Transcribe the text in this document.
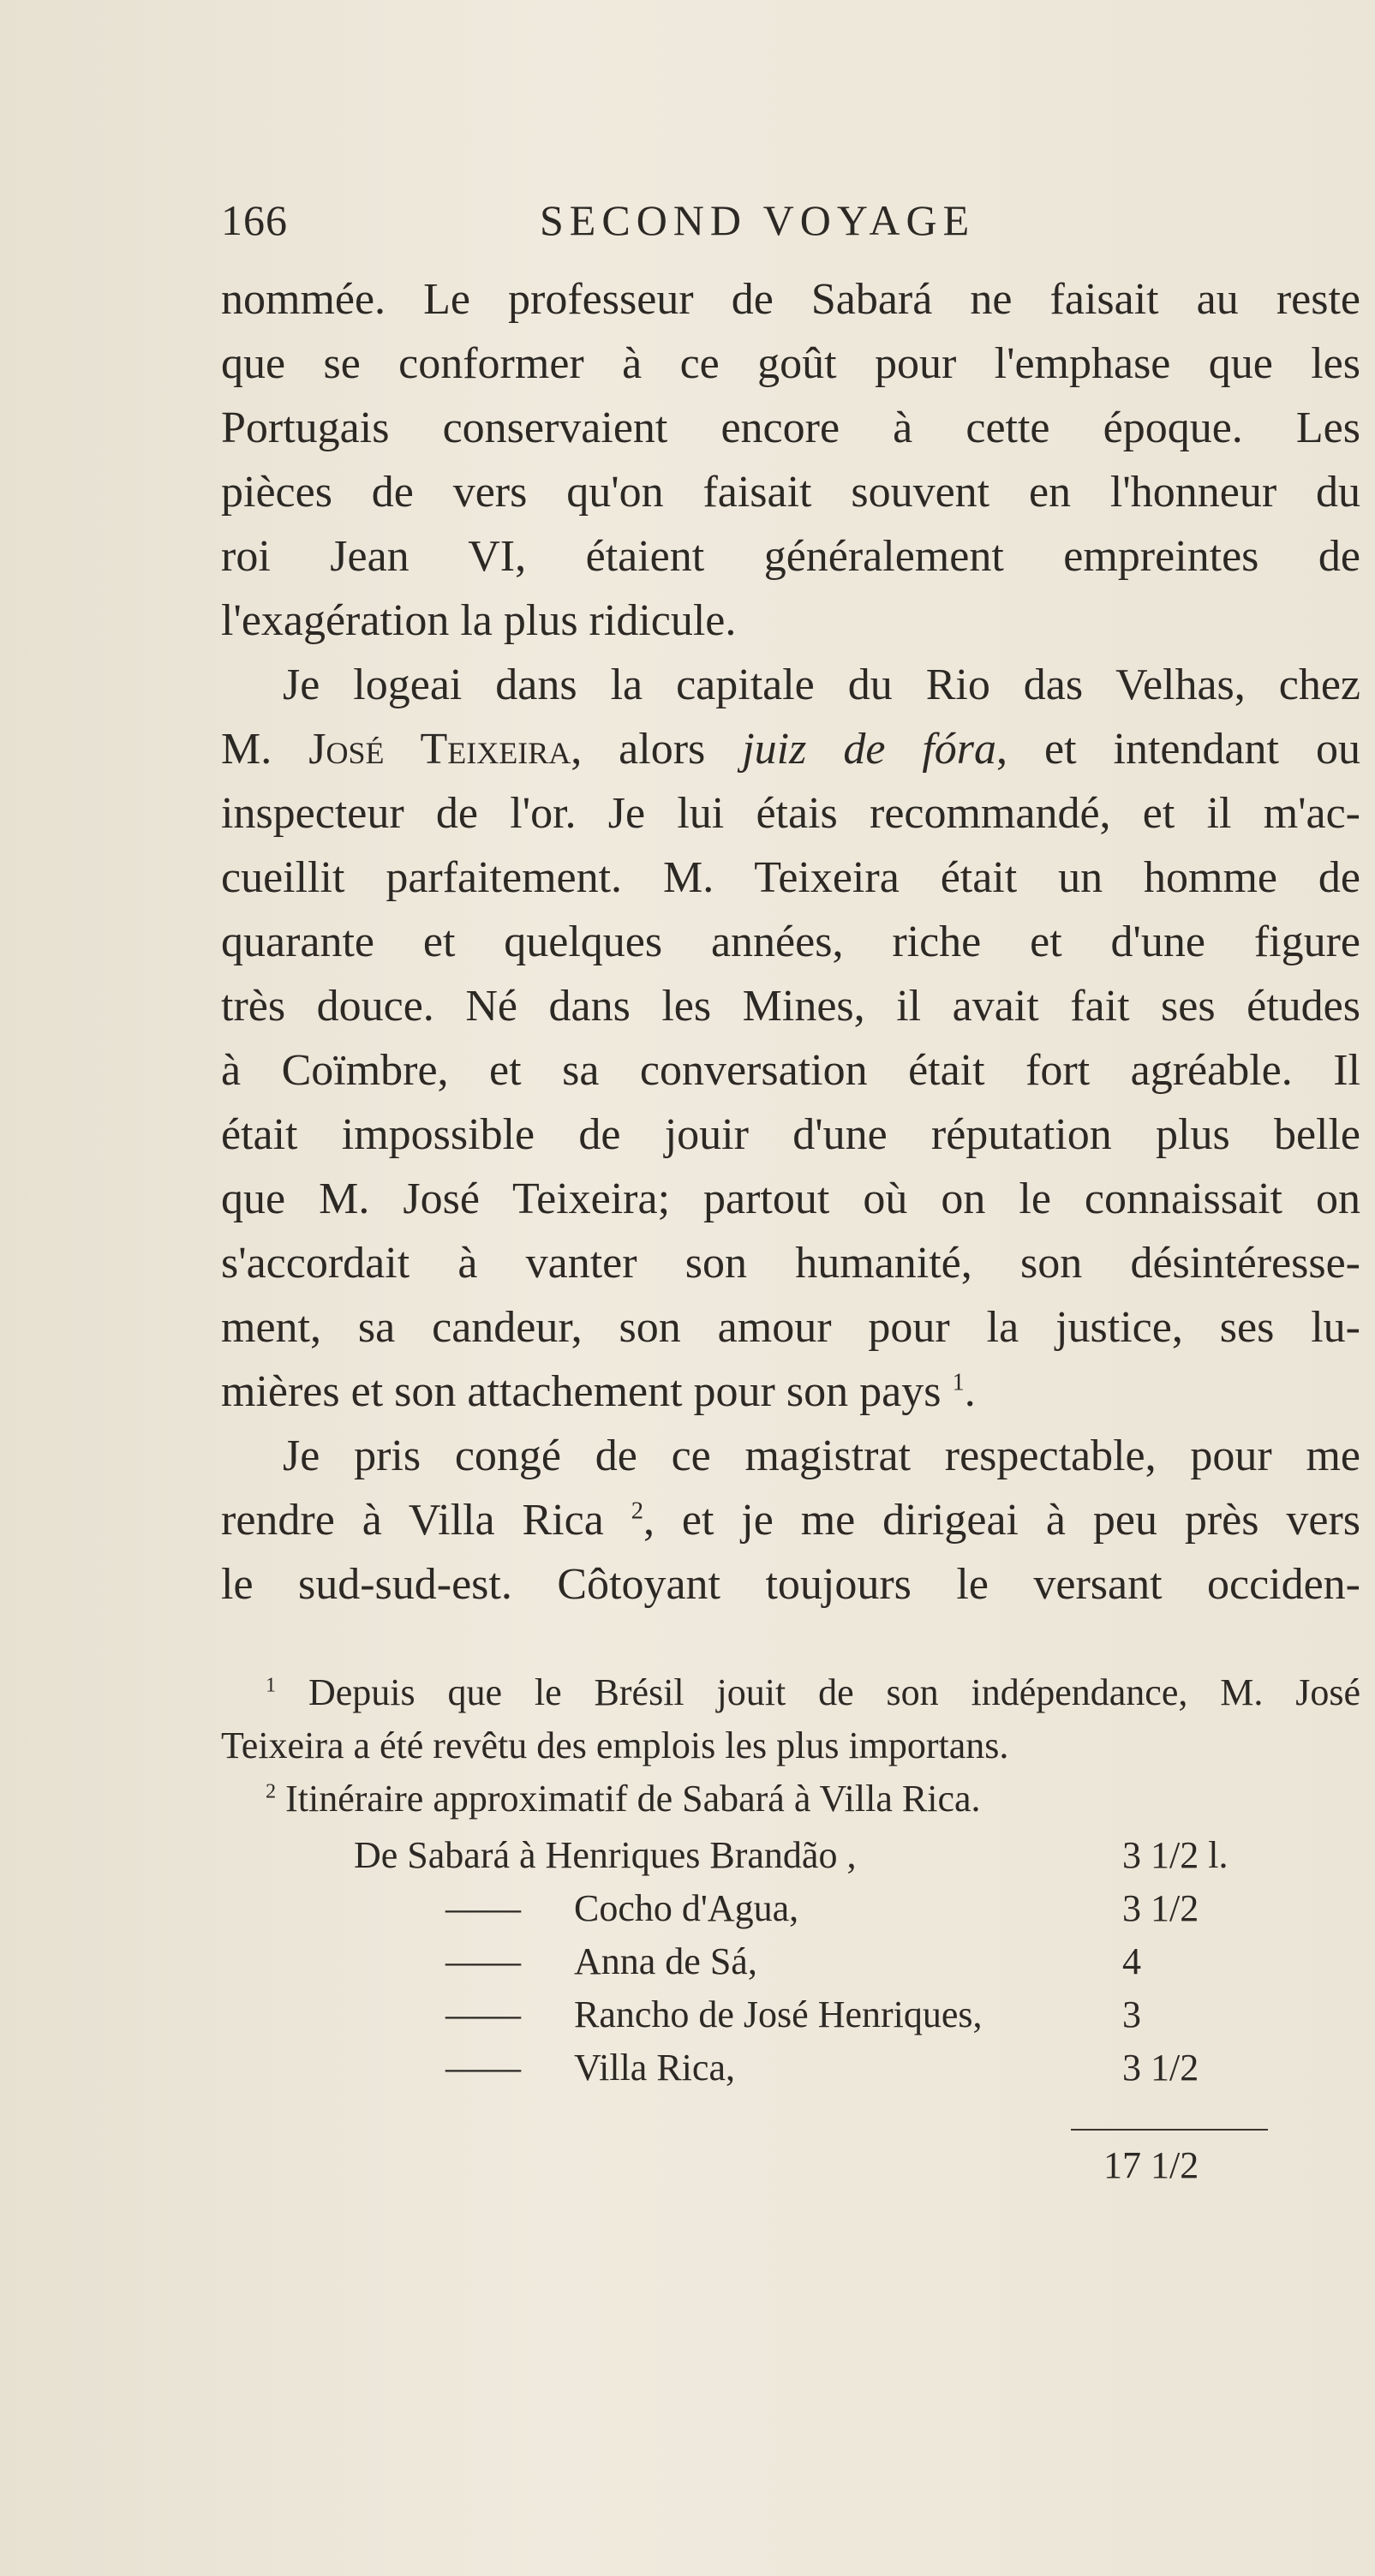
166	SECOND VOYAGE
nommée. Le professeur de Sabará ne faisait au reste
que se conformer à ce goût pour l'emphase que les
Portugais conservaient encore à cette époque. Les
pièces de vers qu'on faisait souvent en l'honneur du
roi Jean VI, étaient généralement empreintes de
l'exagération la plus ridicule.
Je logeai dans la capitale du Rio das Velhas, chez
M. José Teixeira, alors juiz de fóra, et intendant ou
inspecteur de l'or. Je lui étais recommandé, et il m'ac-
cueillit parfaitement. M. Teixeira était un homme de
quarante et quelques années, riche et d'une figure
très douce. Né dans les Mines, il avait fait ses études
à Coïmbre, et sa conversation était fort agréable. Il
était impossible de jouir d'une réputation plus belle
que M. José Teixeira; partout où on le connaissait on
s'accordait à vanter son humanité, son désintéresse-
ment, sa candeur, son amour pour la justice, ses lu-
mières et son attachement pour son pays $^1$.
Je pris congé de ce magistrat respectable, pour me
rendre à Villa Rica $^2$, et je me dirigeai à peu près vers
le sud-sud-est. Côtoyant toujours le versant occiden-
$^1$ Depuis que le Brésil jouit de son indépendance, M. José
Teixeira a été revêtu des emplois les plus importans.
$^2$ Itinéraire approximatif de Sabará à Villa Rica.
De Sabará à Henriques Brandão ,	3 1/2 l.
—— Cocho d'Agua,	3 1/2
—— Anna de Sá,	4
—— Rancho de José Henriques,	3
—— Villa Rica,	3 1/2
17 1/2
